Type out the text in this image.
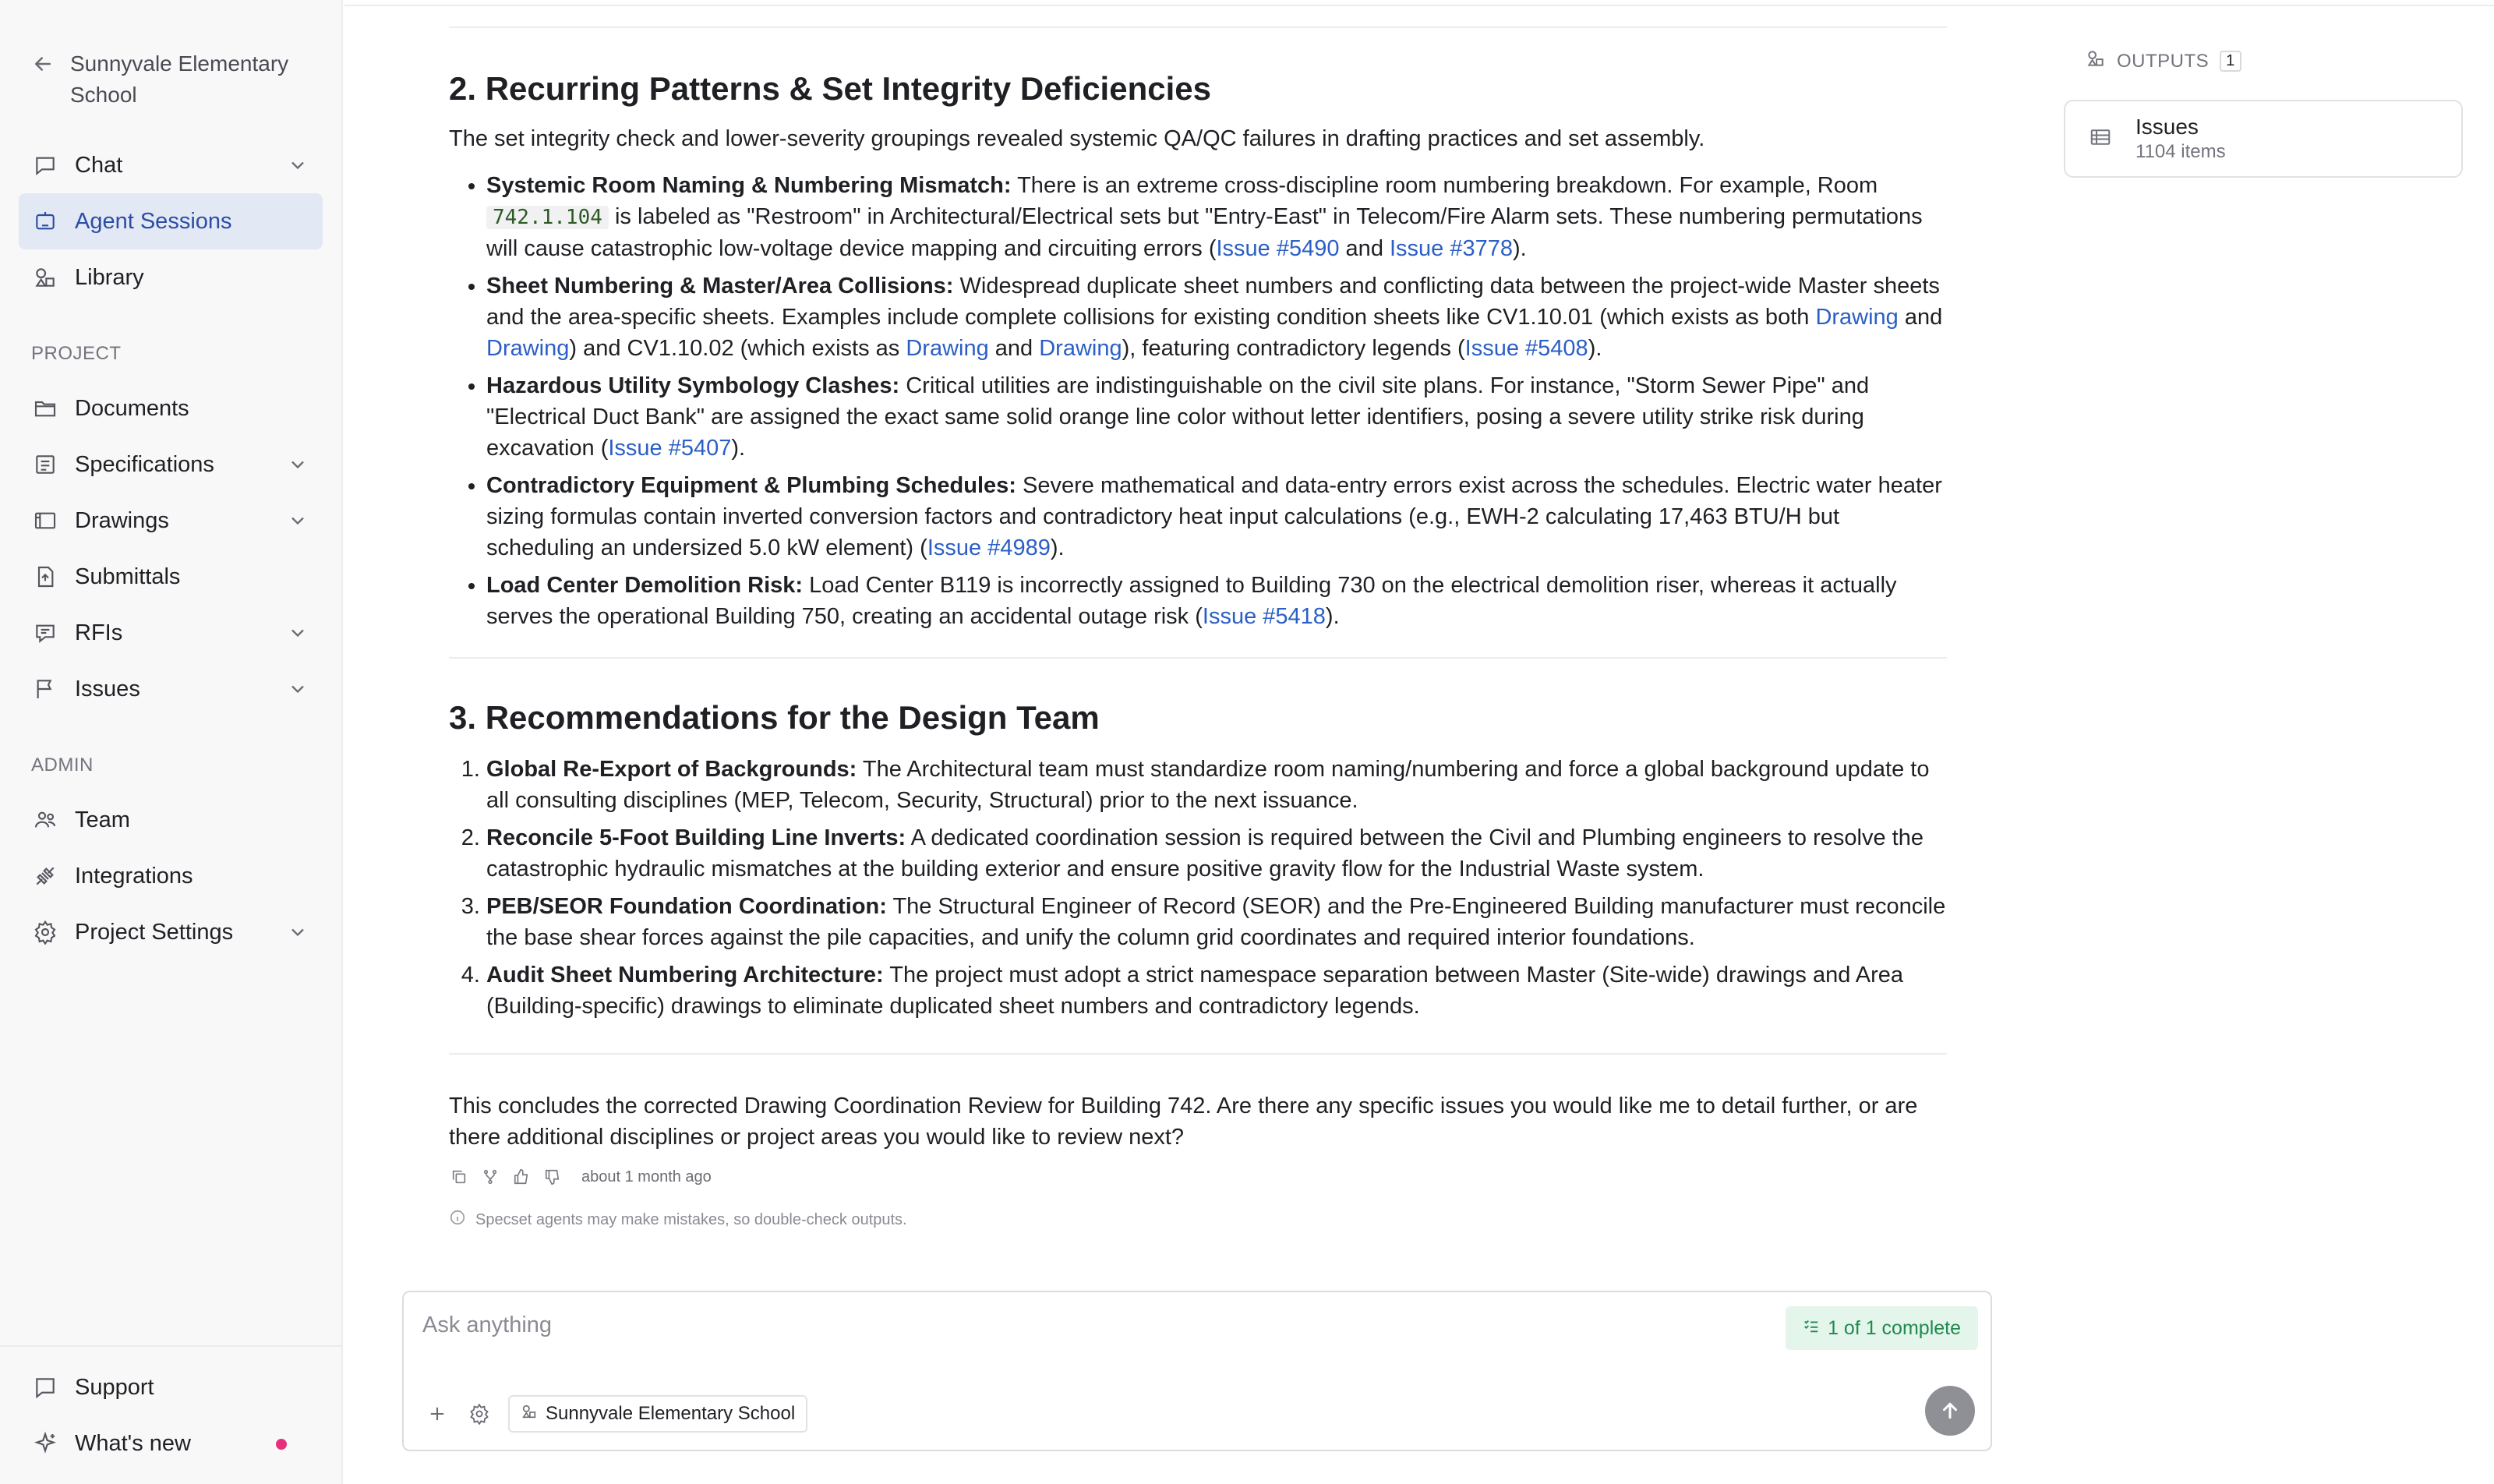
Sunnyvale Elementary School
Chat
Agent Sessions
Library
PROJECT
Documents
Specifications
Drawings
Submittals
RFIs
Issues
ADMIN
Team
Integrations
Project Settings
Support
What's new
2. Recurring Patterns & Set Integrity Deficiencies

The set integrity check and lower-severity groupings revealed systemic QA/QC failures in drafting practices and set assembly.

• Systemic Room Naming & Numbering Mismatch: There is an extreme cross-discipline room numbering breakdown. For example, Room 742.1.104 is labeled as "Restroom" in Architectural/Electrical sets but "Entry-East" in Telecom/Fire Alarm sets. These numbering permutations will cause catastrophic low-voltage device mapping and circuiting errors (Issue #5490 and Issue #3778).
• Sheet Numbering & Master/Area Collisions: Widespread duplicate sheet numbers and conflicting data between the project-wide Master sheets and the area-specific sheets. Examples include complete collisions for existing condition sheets like CV1.10.01 (which exists as both Drawing and Drawing) and CV1.10.02 (which exists as Drawing and Drawing), featuring contradictory legends (Issue #5408).
• Hazardous Utility Symbology Clashes: Critical utilities are indistinguishable on the civil site plans. For instance, "Storm Sewer Pipe" and "Electrical Duct Bank" are assigned the exact same solid orange line color without letter identifiers, posing a severe utility strike risk during excavation (Issue #5407).
• Contradictory Equipment & Plumbing Schedules: Severe mathematical and data-entry errors exist across the schedules. Electric water heater sizing formulas contain inverted conversion factors and contradictory heat input calculations (e.g., EWH-2 calculating 17,463 BTU/H but scheduling an undersized 5.0 kW element) (Issue #4989).
• Load Center Demolition Risk: Load Center B119 is incorrectly assigned to Building 730 on the electrical demolition riser, whereas it actually serves the operational Building 750, creating an accidental outage risk (Issue #5418).
3. Recommendations for the Design Team
1. Global Re-Export of Backgrounds: The Architectural team must standardize room naming/numbering and force a global background update to all consulting disciplines (MEP, Telecom, Security, Structural) prior to the next issuance.
2. Reconcile 5-Foot Building Line Inverts: A dedicated coordination session is required between the Civil and Plumbing engineers to resolve the catastrophic hydraulic mismatches at the building exterior and ensure positive gravity flow for the Industrial Waste system.
3. PEB/SEOR Foundation Coordination: The Structural Engineer of Record (SEOR) and the Pre-Engineered Building manufacturer must reconcile the base shear forces against the pile capacities, and unify the column grid coordinates and required interior foundations.
4. Audit Sheet Numbering Architecture: The project must adopt a strict namespace separation between Master (Site-wide) drawings and Area (Building-specific) drawings to eliminate duplicated sheet numbers and contradictory legends.

This concludes the corrected Drawing Coordination Review for Building 742. Are there any specific issues you would like me to detail further, or are there additional disciplines or project areas you would like to review next?

about 1 month ago
Specset agents may make mistakes, so double-check outputs.
Ask anything	1 of 1 complete
Sunnyvale Elementary School
OUTPUTS	1
Issues
1104 items
